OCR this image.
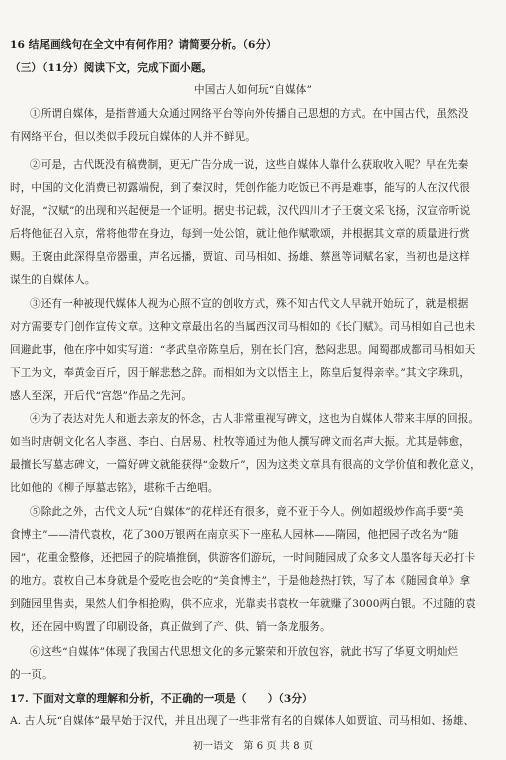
16 结尾画线句在全文中有何作用？请简要分析。（6分）
（三）（11分）阅读下文，完成下面小题。
中国古人如何玩“自媒体”
①所谓自媒体，是指普通大众通过网络平台等向外传播自己思想的方式。在中国古代，虽然没
有网络平台，但以类似手段玩自媒体的人并不鲜见。
②可是，古代既没有稿费制，更无广告分成一说，这些自媒体人靠什么获取收入呢？早在先秦
时，中国的文化消费已初露端倪，到了秦汉时，凭创作能力吃饭已不再是难事，能写的人在汉代很
好混，“汉赋”的出现和兴起便是一个证明。据史书记载，汉代四川才子王褒文采飞扬，汉宣帝听说
后将他征召入京，常将他带在身边，每到一处公馆，就让他作赋歌颂，并根据其文章的质量进行赏
赐。王褒由此深得皇帝器重，声名远播，贾谊、司马相如、扬雄、蔡邕等词赋名家，当初也是这样
谋生的自媒体人。
③还有一种被现代媒体人视为心照不宣的创收方式，殊不知古代文人早就开始玩了，就是根据
对方需要专门创作宣传文章。这种文章最出名的当属西汉司马相如的《长门赋》。司马相如自己也未
回避此事，他在序中如实写道：“孝武皇帝陈皇后，别在长门宫，愁闷悲思。闻蜀郡成都司马相如天
下工为文，奉黄金百斤，因于解悲愁之辞。而相如为文以悟主上，陈皇后复得亲幸。”其文字珠玑，
感人至深，开后代“宫怨”作品之先河。
④为了表达对先人和逝去亲友的怀念，古人非常重视写碑文，这也为自媒体人带来丰厚的回报。
如当时唐朝文化名人李邕、李白、白居易、杜牧等通过为他人撰写碑文而名声大振。尤其是韩愈，
最擅长写墓志碑文，一篇好碑文就能获得“金数斤”，因为这类文章具有很高的文学价值和教化意义，
比如他的《柳子厚墓志铭》，堪称千古绝唱。
⑤除此之外，古代文人玩“自媒体”的花样还有很多，竟不亚于今人。例如超级炒作高手要“美
食博主”——清代袁枚，花了300万银两在南京买下一座私人园林——隋园，他把园子改名为“随
园”，花重金整修，还把园子的院墙推倒，供游客们游玩，一时间随园成了众多文人墨客每天必打卡
的地方。袁枚自己本身就是个爱吃也会吃的“美食博主”，于是他趁热打铁，写了本《随园食单》拿
到随园里售卖，果然人们争相抢购，供不应求，光靠卖书袁枚一年就赚了3000两白银。不过随的袁
枚，还在园中购置了印刷设备，真正做到了产、供、销一条龙服务。
⑥这些“自媒体”体现了我国古代思想文化的多元繁荣和开放包容，就此书写了华夏文明灿烂
的一页。
17. 下面对文章的理解和分析，不正确的一项是（　　）（3分）
A. 古人玩“自媒体”最早始于汉代，并且出现了一些非常有名的自媒体人如贾谊、司马相如、扬雄、
初一语文　第 6 页 共 8 页
